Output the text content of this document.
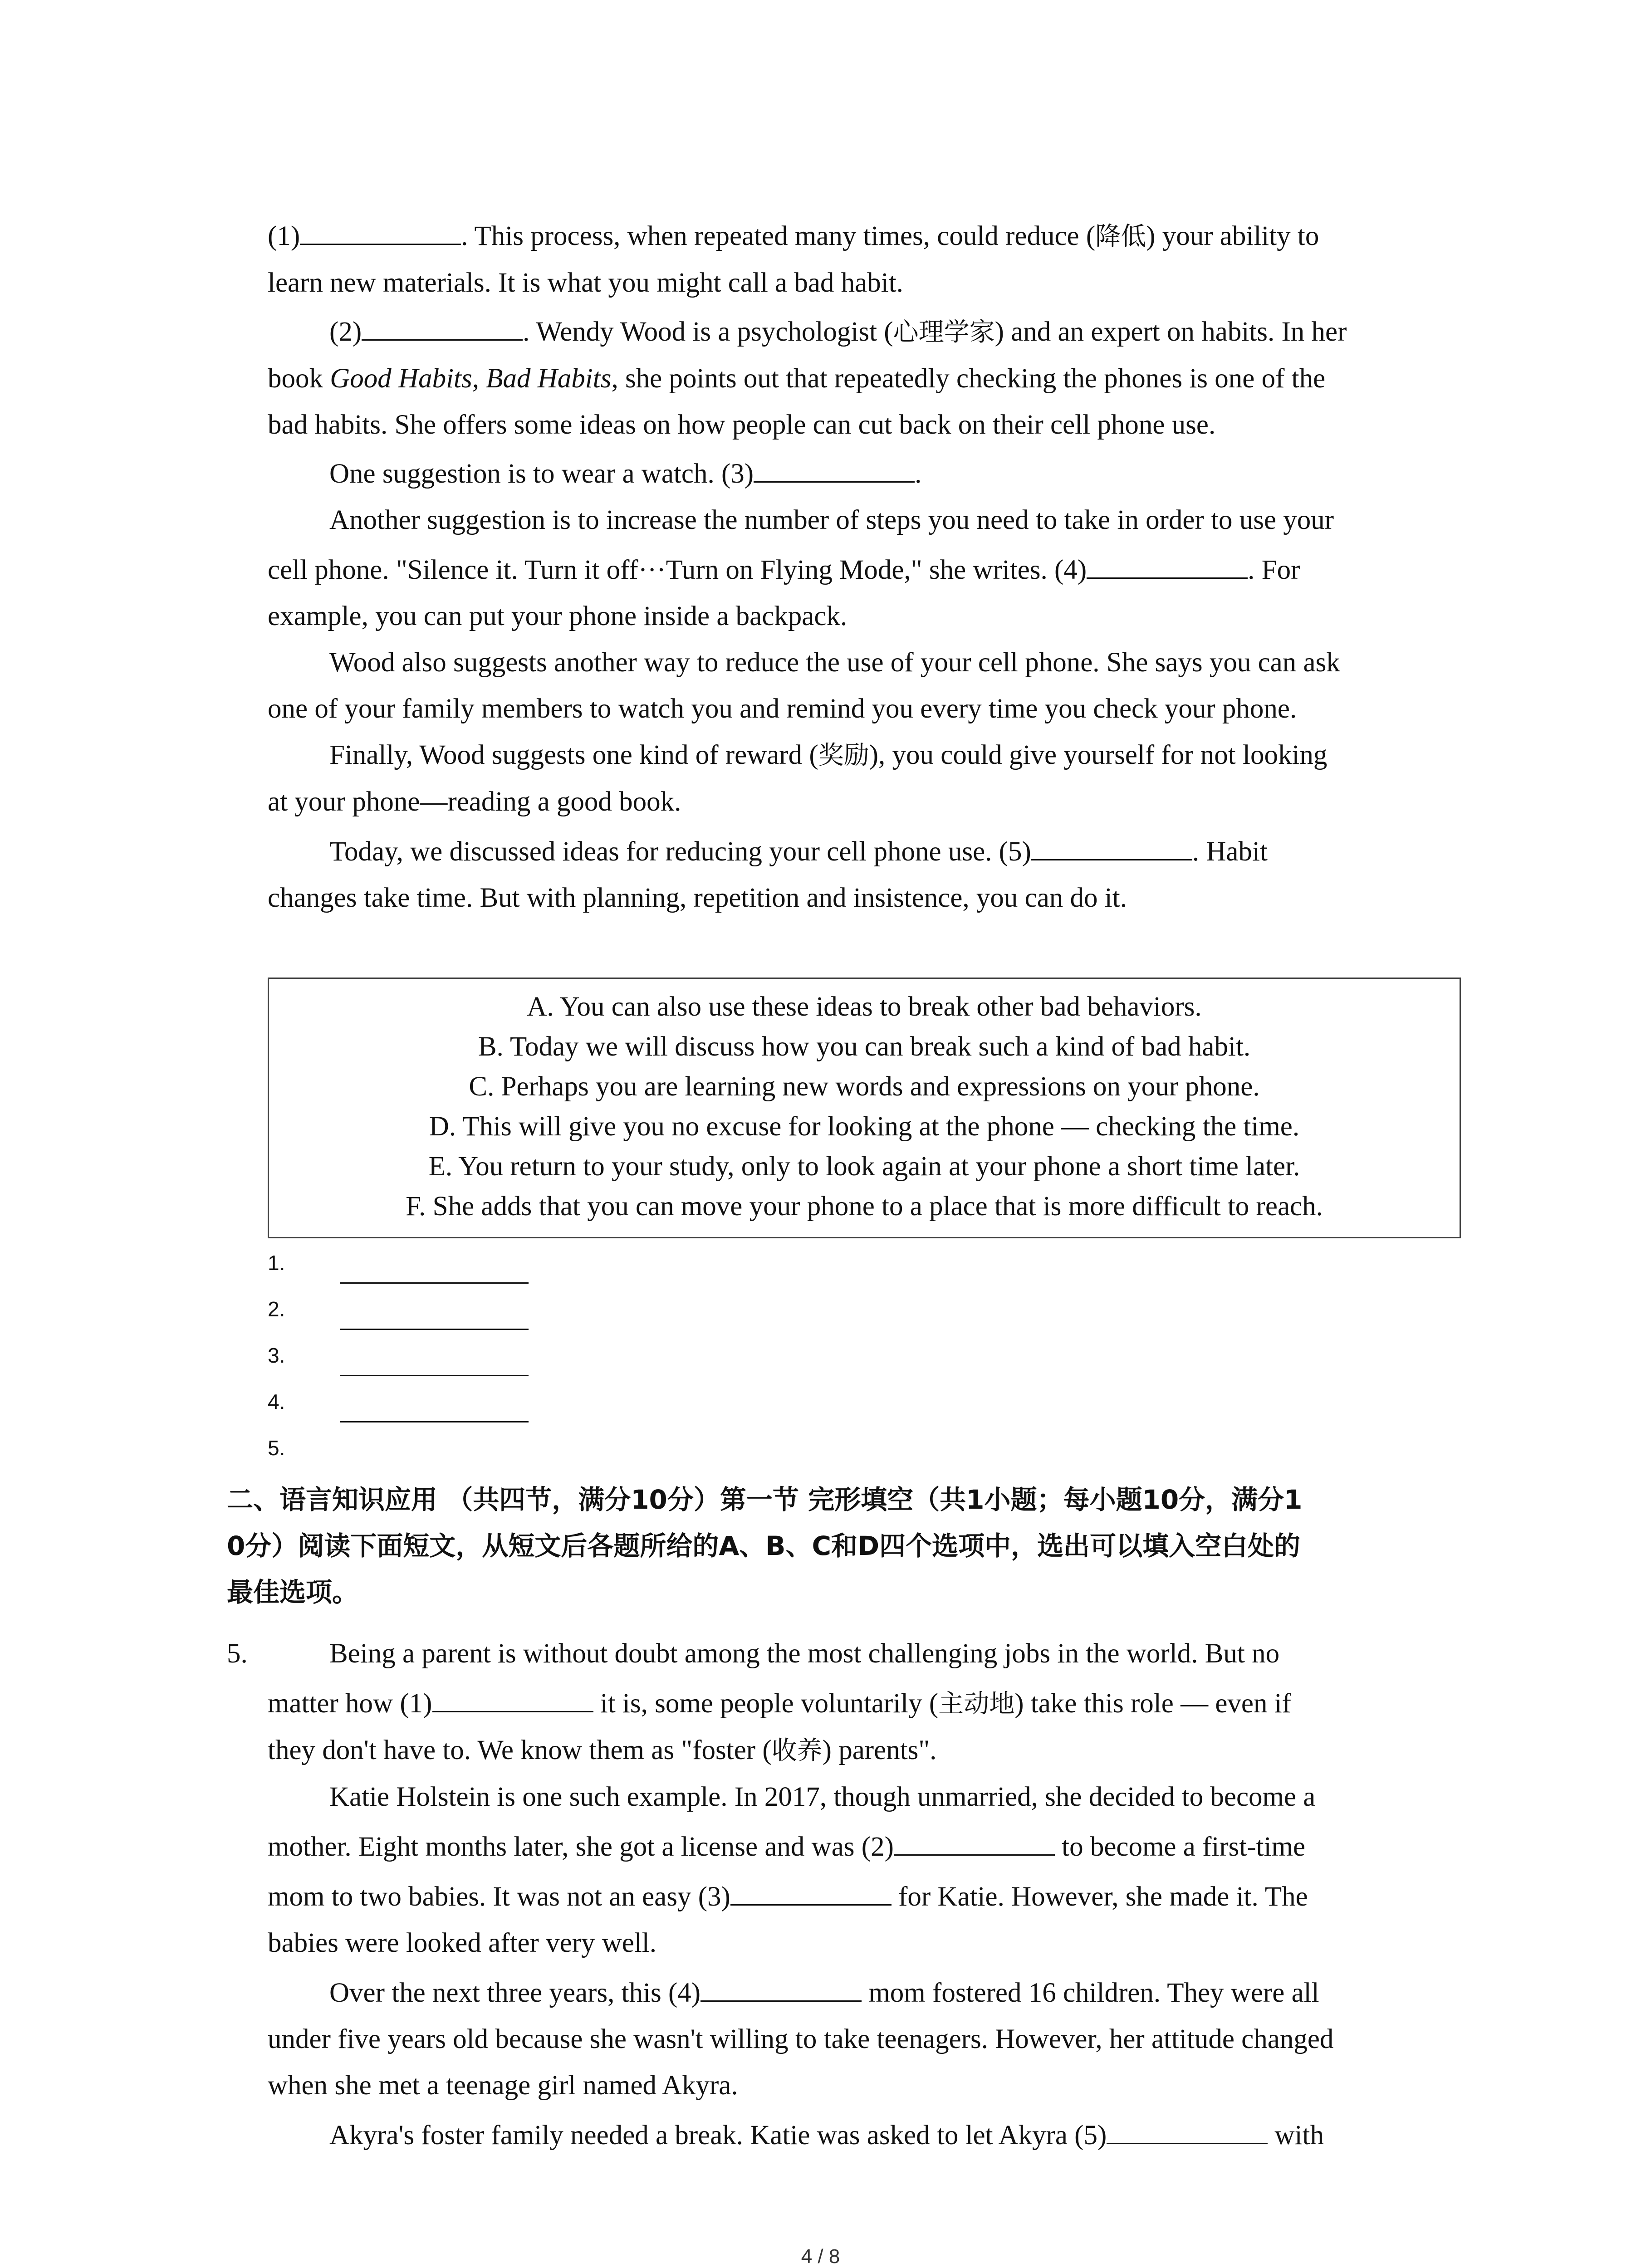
(1)	. This process, when repeated many times, could reduce (降低) your ability to

learn new materials. It is what you might call a bad habit.

(2)	. Wendy Wood is a psychologist (心理学家) and an expert on habits. In her

book Good Habits, Bad Habits, she points out that repeatedly checking the phones is one of the

bad habits. She offers some ideas on how people can cut back on their cell phone use.

One suggestion is to wear a watch. (3)	.

Another suggestion is to increase the number of steps you need to take in order to use your

cell phone. "Silence it. Turn it off···Turn on Flying Mode," she writes. (4)	. For

example, you can put your phone inside a backpack.

Wood also suggests another way to reduce the use of your cell phone. She says you can ask

one of your family members to watch you and remind you every time you check your phone.

Finally, Wood suggests one kind of reward (奖励), you could give yourself for not looking

at your phone—reading a good book.

Today, we discussed ideas for reducing your cell phone use. (5)	. Habit

changes take time. But with planning, repetition and insistence, you can do it.

A. You can also use these ideas to break other bad behaviors.
B. Today we will discuss how you can break such a kind of bad habit.
C. Perhaps you are learning new words and expressions on your phone.
D. This will give you no excuse for looking at the phone — checking the time.
E. You return to your study, only to look again at your phone a short time later.
F. She adds that you can move your phone to a place that is more difficult to reach.
1.
2.
3.
4.
5.

二、语言知识应用 （共四节，满分10分）第一节 完形填空（共1小题；每小题10分，满分1

0分）阅读下面短文，从短文后各题所给的A、B、C和D四个选项中，选出可以填入空白处的

最佳选项。

5.	Being a parent is without doubt among the most challenging jobs in the world. But no

matter how (1)	it is, some people voluntarily (主动地) take this role — even if

they don't have to. We know them as "foster (收养) parents".

Katie Holstein is one such example. In 2017, though unmarried, she decided to become a

mother. Eight months later, she got a license and was (2)	to become a first-time

mom to two babies. It was not an easy (3)	for Katie. However, she made it. The

babies were looked after very well.

Over the next three years, this (4)	mom fostered 16 children. They were all

under five years old because she wasn't willing to take teenagers. However, her attitude changed

when she met a teenage girl named Akyra.

Akyra's foster family needed a break. Katie was asked to let Akyra (5)	with

4 / 8
